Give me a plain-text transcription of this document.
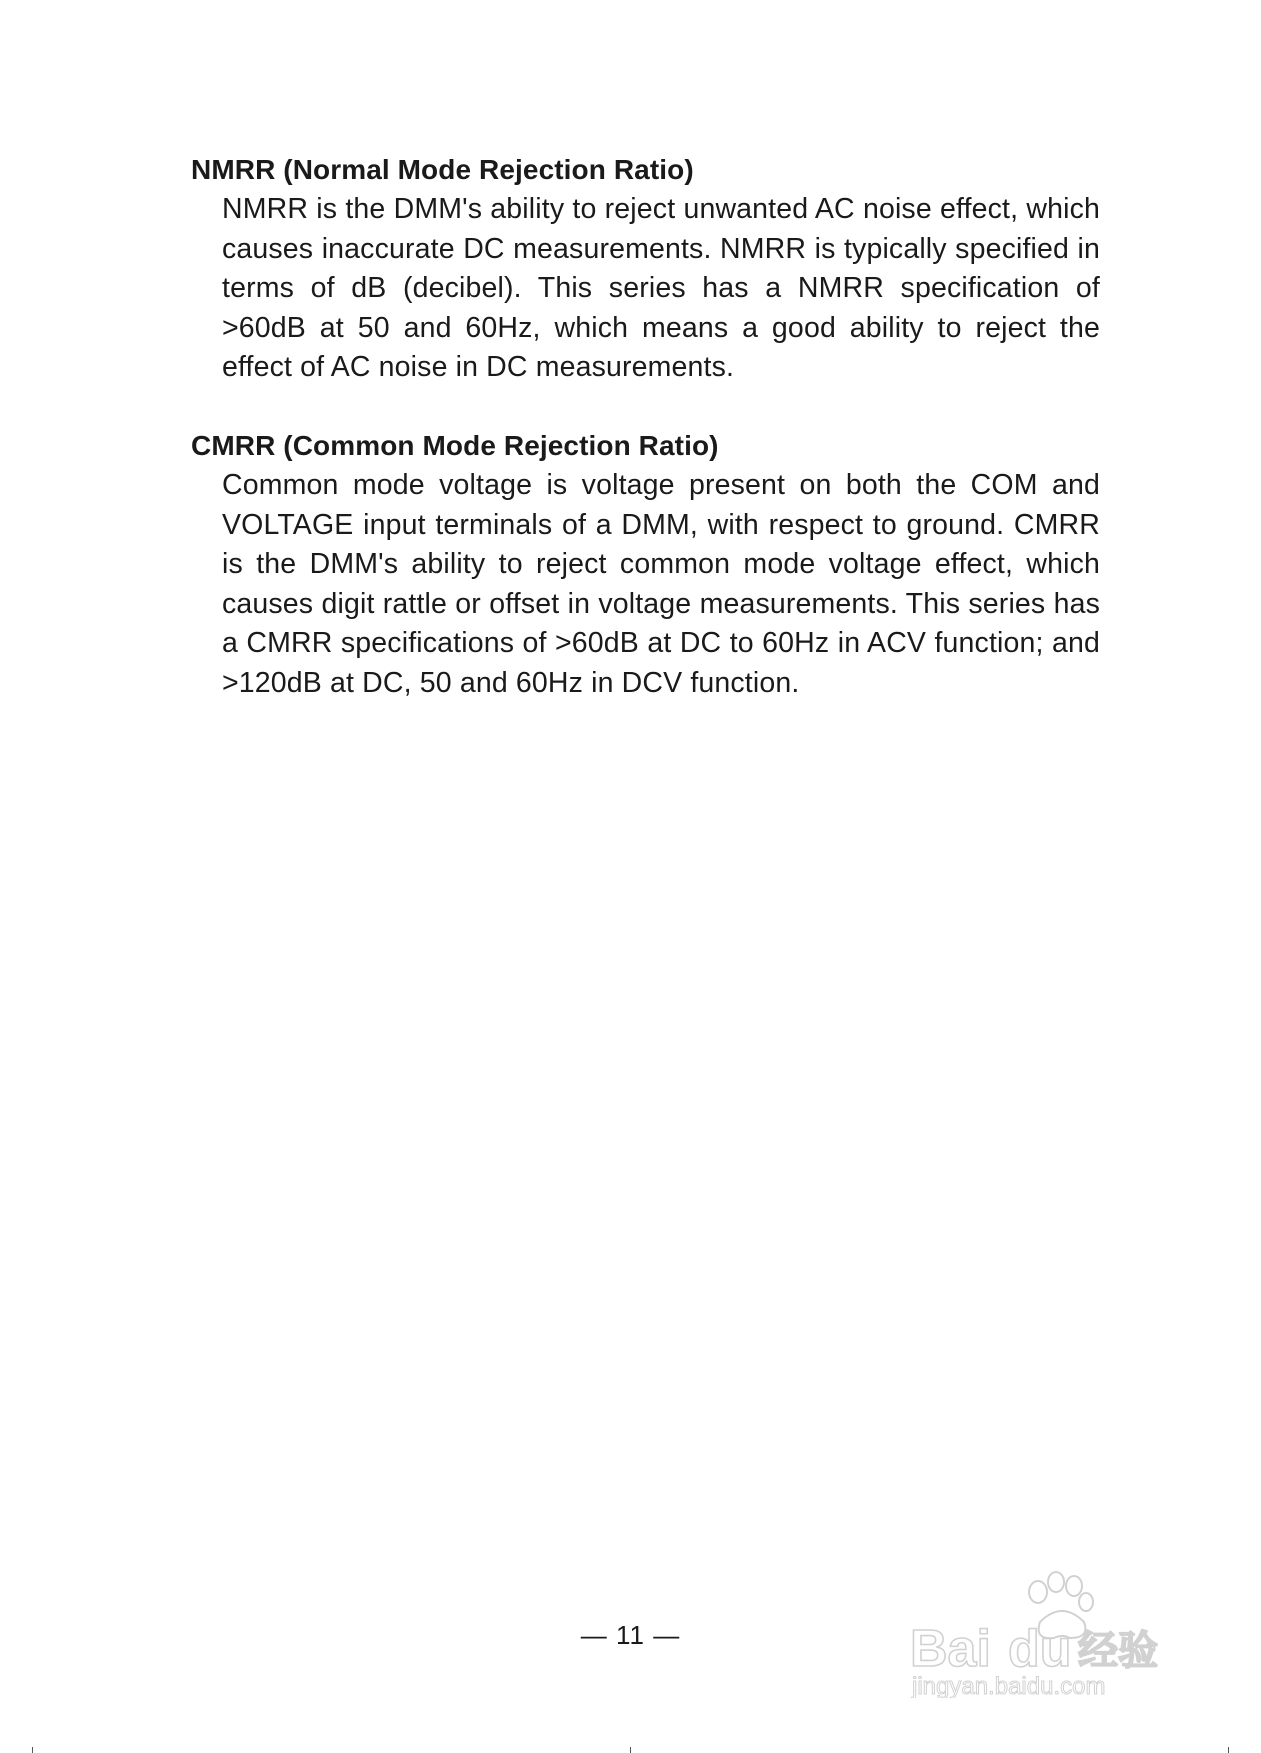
NMRR (Normal Mode Rejection Ratio)

NMRR is the DMM's ability to reject unwanted AC noise effect, which causes inaccurate DC measurements. NMRR is typically specified in terms of dB (decibel). This series has a NMRR specification of >60dB at 50 and 60Hz, which means a good ability to reject the effect of AC noise in DC measurements.

CMRR (Common Mode Rejection Ratio)

Common mode voltage is voltage present on both the COM and VOLTAGE input terminals of a DMM, with respect to ground. CMRR is the DMM's ability to reject common mode voltage effect, which causes digit rattle or offset in voltage measurements. This series has a CMRR specifications of >60dB at DC to 60Hz in ACV function; and >120dB at DC, 50 and 60Hz in DCV function.

— 11 —	Bai du 经验
jingyan.baidu.com
